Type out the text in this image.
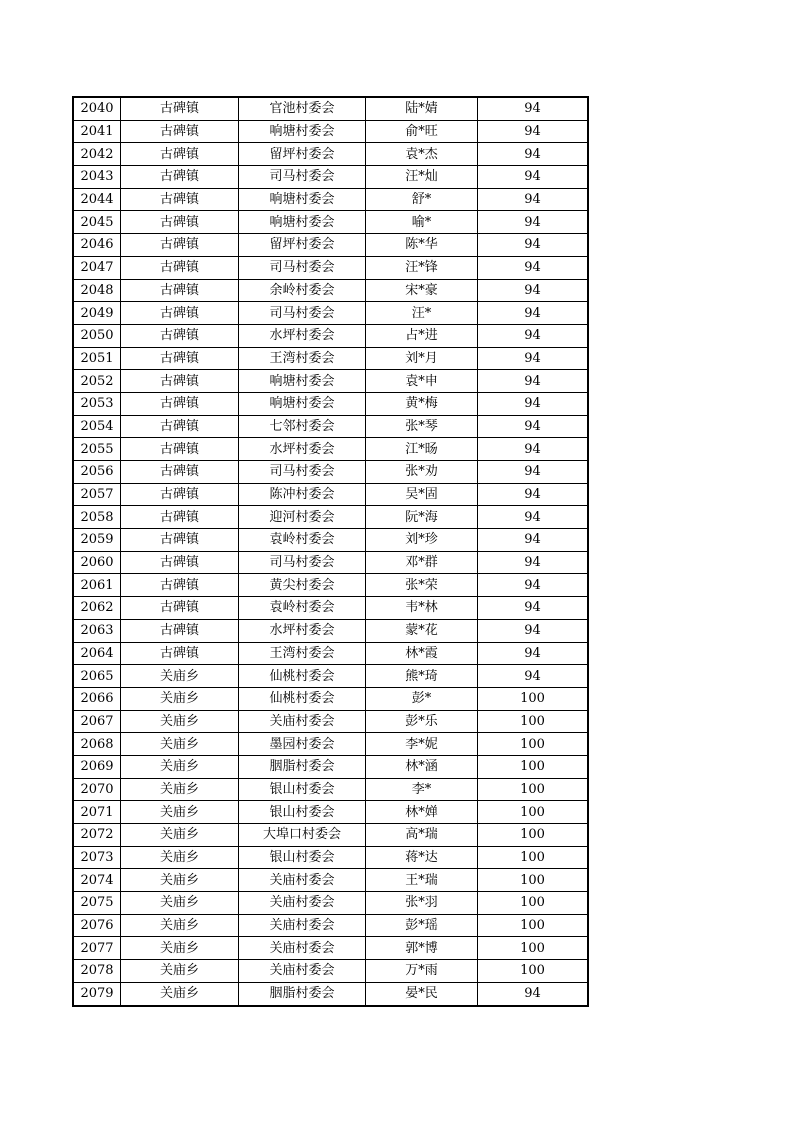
2040	古碑镇	官池村委会	陆*婧	94
2041	古碑镇	响塘村委会	俞*旺	94
2042	古碑镇	留坪村委会	袁*杰	94
2043	古碑镇	司马村委会	汪*灿	94
2044	古碑镇	响塘村委会	舒*	94
2045	古碑镇	响塘村委会	喻*	94
2046	古碑镇	留坪村委会	陈*华	94
2047	古碑镇	司马村委会	汪*锋	94
2048	古碑镇	余岭村委会	宋*豪	94
2049	古碑镇	司马村委会	汪*	94
2050	古碑镇	水坪村委会	占*进	94
2051	古碑镇	王湾村委会	刘*月	94
2052	古碑镇	响塘村委会	袁*申	94
2053	古碑镇	响塘村委会	黄*梅	94
2054	古碑镇	七邻村委会	张*琴	94
2055	古碑镇	水坪村委会	江*旸	94
2056	古碑镇	司马村委会	张*劝	94
2057	古碑镇	陈冲村委会	吴*固	94
2058	古碑镇	迎河村委会	阮*海	94
2059	古碑镇	袁岭村委会	刘*珍	94
2060	古碑镇	司马村委会	邓*群	94
2061	古碑镇	黄尖村委会	张*荣	94
2062	古碑镇	袁岭村委会	韦*林	94
2063	古碑镇	水坪村委会	蒙*花	94
2064	古碑镇	王湾村委会	林*霞	94
2065	关庙乡	仙桃村委会	熊*琦	94
2066	关庙乡	仙桃村委会	彭*	100
2067	关庙乡	关庙村委会	彭*乐	100
2068	关庙乡	墨园村委会	李*妮	100
2069	关庙乡	胭脂村委会	林*涵	100
2070	关庙乡	银山村委会	李*	100
2071	关庙乡	银山村委会	林*婵	100
2072	关庙乡	大埠口村委会	高*瑞	100
2073	关庙乡	银山村委会	蒋*达	100
2074	关庙乡	关庙村委会	王*瑞	100
2075	关庙乡	关庙村委会	张*羽	100
2076	关庙乡	关庙村委会	彭*瑶	100
2077	关庙乡	关庙村委会	郭*博	100
2078	关庙乡	关庙村委会	万*雨	100
2079	关庙乡	胭脂村委会	晏*民	94
